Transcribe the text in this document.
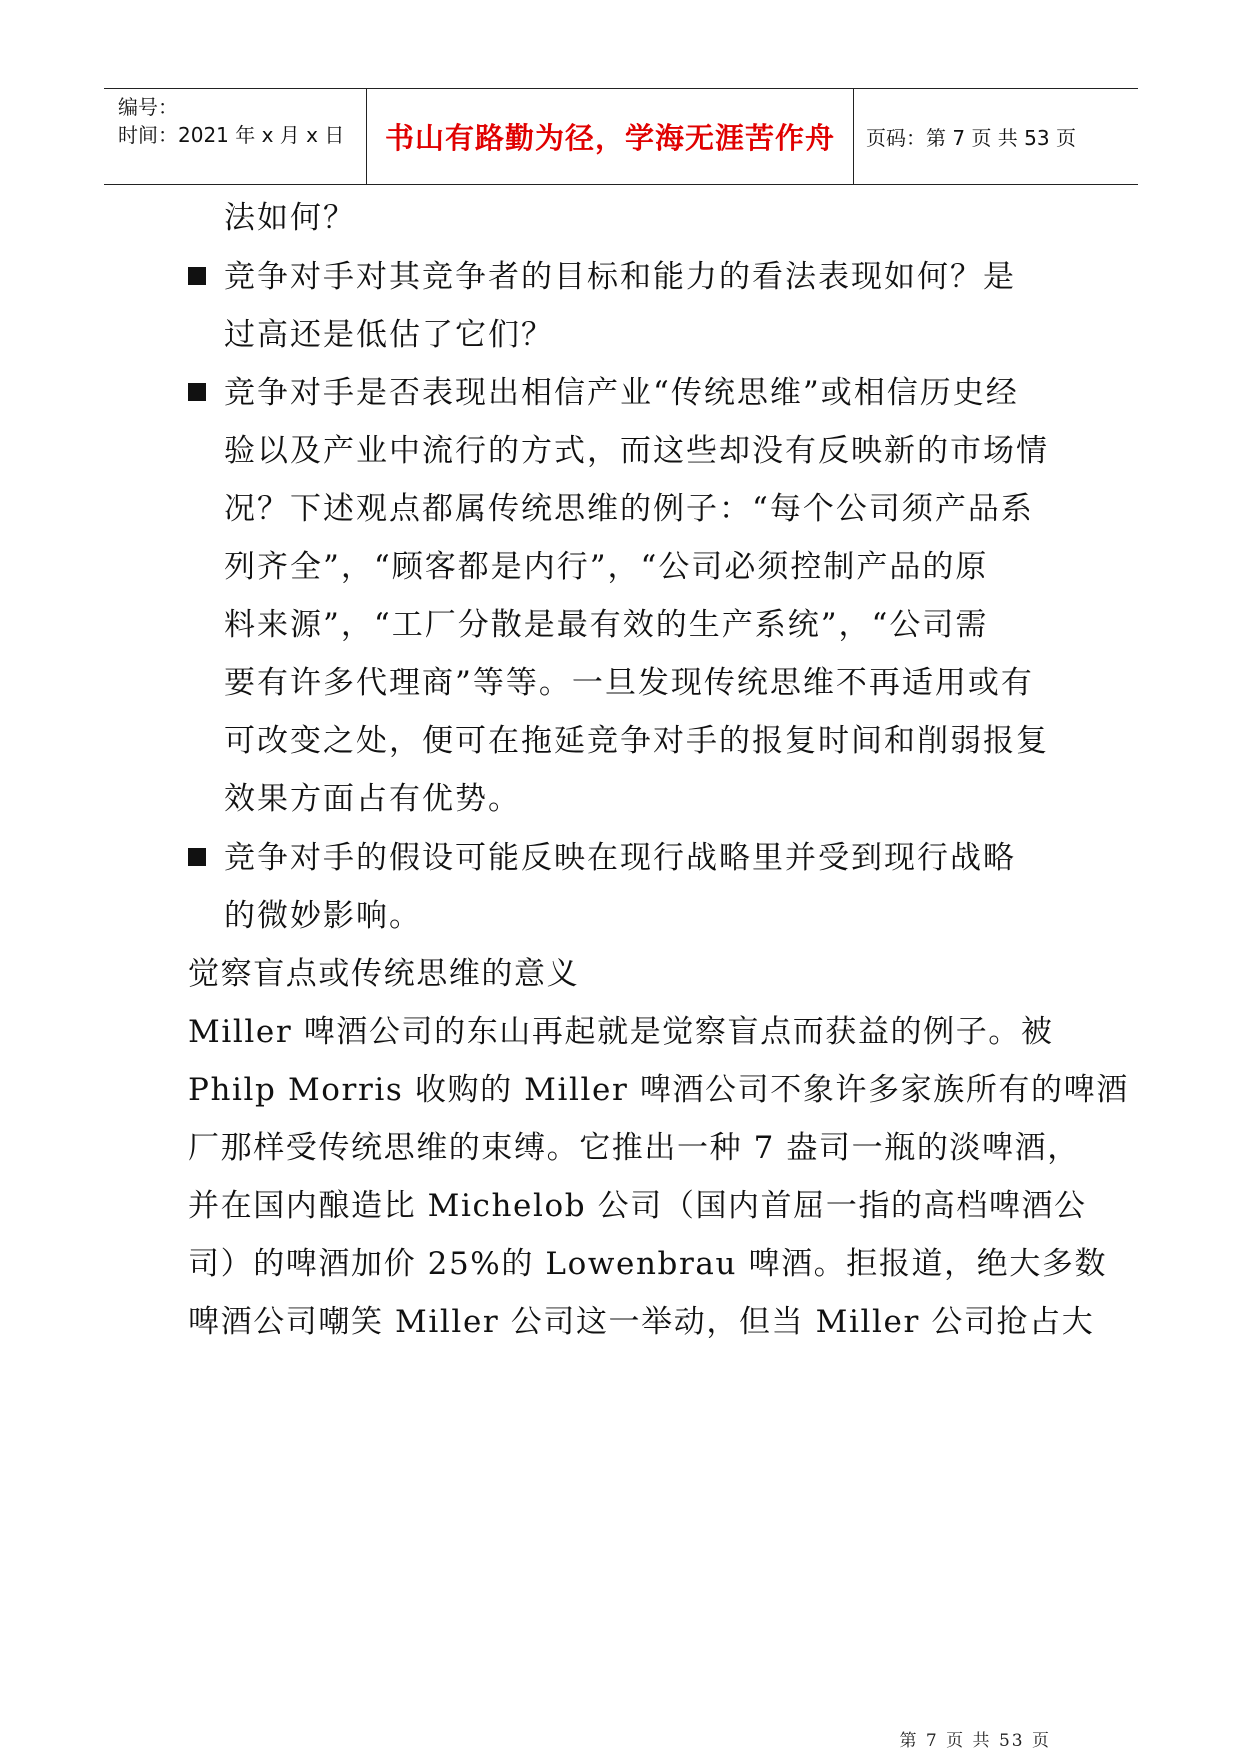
编号：
时间：2021 年 x 月 x 日	书山有路勤为径，学海无涯苦作舟	页码：第 7 页 共 53 页
法如何？
竞争对手对其竞争者的目标和能力的看法表现如何？是
过高还是低估了它们？
竞争对手是否表现出相信产业“传统思维”或相信历史经
验以及产业中流行的方式，而这些却没有反映新的市场情
况？下述观点都属传统思维的例子：“每个公司须产品系
列齐全”，“顾客都是内行”，“公司必须控制产品的原
料来源”，“工厂分散是最有效的生产系统”，“公司需
要有许多代理商”等等。一旦发现传统思维不再适用或有
可改变之处，便可在拖延竞争对手的报复时间和削弱报复
效果方面占有优势。
竞争对手的假设可能反映在现行战略里并受到现行战略
的微妙影响。
觉察盲点或传统思维的意义
Miller 啤酒公司的东山再起就是觉察盲点而获益的例子。被
Philp Morris 收购的 Miller 啤酒公司不象许多家族所有的啤酒
厂那样受传统思维的束缚。它推出一种 7 盎司一瓶的淡啤酒，
并在国内酿造比 Michelob 公司（国内首屈一指的高档啤酒公
司）的啤酒加价 25%的 Lowenbrau 啤酒。拒报道，绝大多数
啤酒公司嘲笑 Miller 公司这一举动，但当 Miller 公司抢占大
第 7 页 共 53 页
